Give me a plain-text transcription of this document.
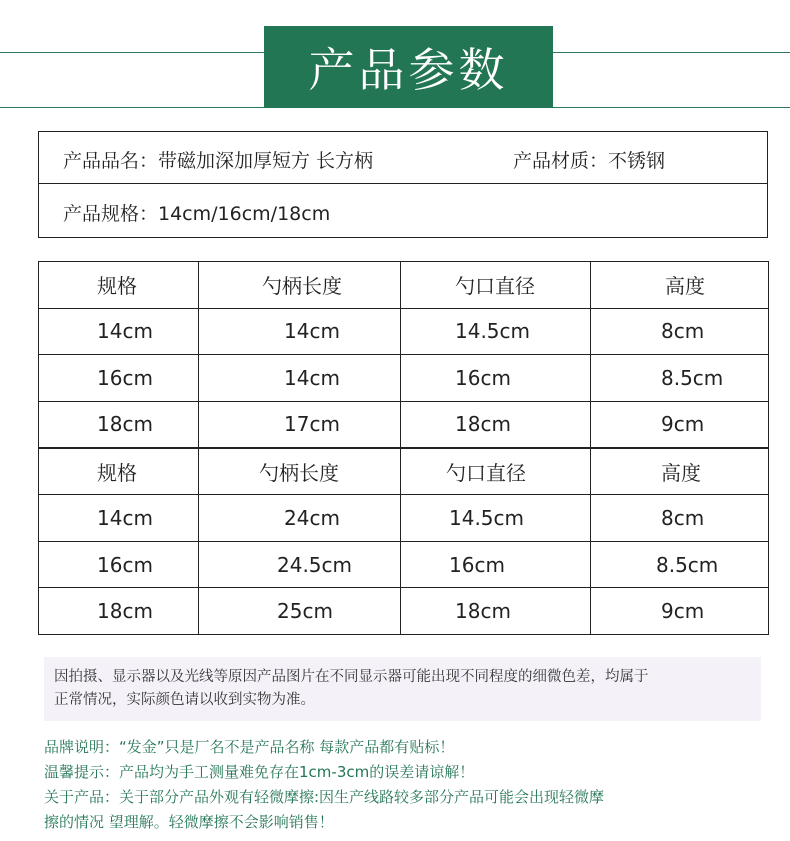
产品参数
产品品名：带磁加深加厚短方 长方柄	产品材质：不锈钢
产品规格：14cm/16cm/18cm
规格	勺柄长度	勺口直径	高度
14cm	14cm	14.5cm	8cm
16cm	14cm	16cm	8.5cm
18cm	17cm	18cm	9cm
规格	勺柄长度	勺口直径	高度
14cm	24cm	14.5cm	8cm
16cm	24.5cm	16cm	8.5cm
18cm	25cm	18cm	9cm
因拍摄、显示器以及光线等原因产品图片在不同显示器可能出现不同程度的细微色差，均属于
正常情况，实际颜色请以收到实物为准。
品牌说明：“发金”只是厂名不是产品名称 每款产品都有贴标！
温馨提示：产品均为手工测量难免存在1cm-3cm的误差请谅解！
关于产品：关于部分产品外观有轻微摩擦:因生产线路较多部分产品可能会出现轻微摩
擦的情况 望理解。轻微摩擦不会影响销售！
